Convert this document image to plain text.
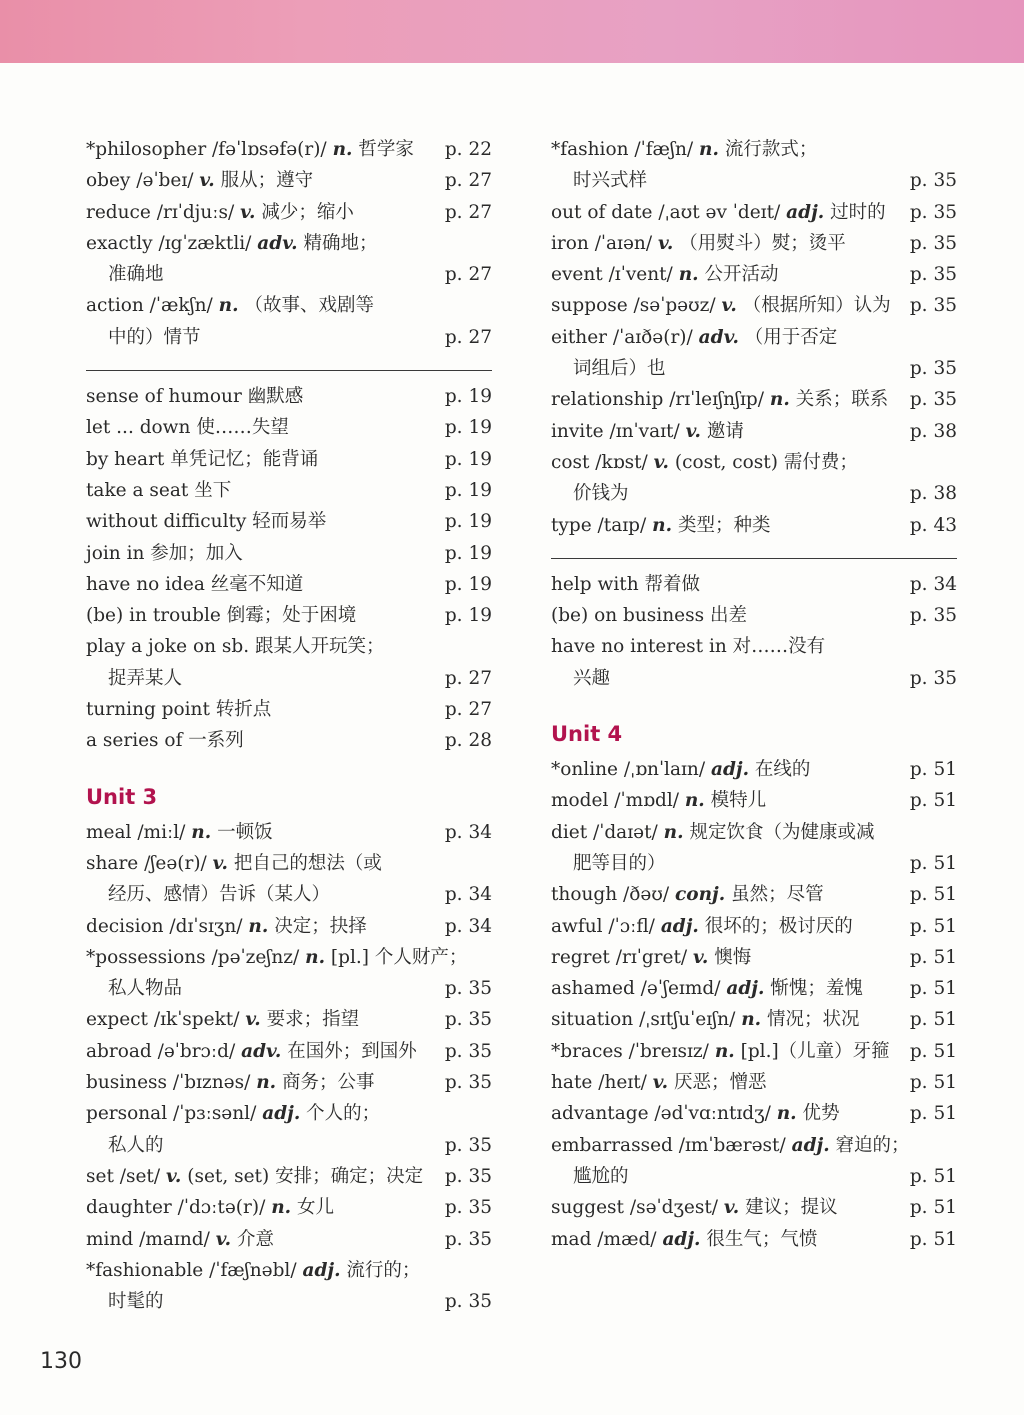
*philosopher /fəˈlɒsəfə(r)/ n. 哲学家	p. 22
obey /əˈbeɪ/ v. 服从；遵守	p. 27
reduce /rɪˈdjuːs/ v. 减少；缩小	p. 27
exactly /ɪgˈzæktli/ adv. 精确地；
准确地	p. 27
action /ˈækʃn/ n. （故事、戏剧等
中的）情节	p. 27
sense of humour 幽默感	p. 19
let ... down 使……失望	p. 19
by heart 单凭记忆；能背诵	p. 19
take a seat 坐下	p. 19
without difficulty 轻而易举	p. 19
join in 参加；加入	p. 19
have no idea 丝毫不知道	p. 19
(be) in trouble 倒霉；处于困境	p. 19
play a joke on sb. 跟某人开玩笑；
捉弄某人	p. 27
turning point 转折点	p. 27
a series of 一系列	p. 28
Unit 3
meal /miːl/ n. 一顿饭	p. 34
share /ʃeə(r)/ v. 把自己的想法（或
经历、感情）告诉（某人）	p. 34
decision /dɪˈsɪʒn/ n. 决定；抉择	p. 34
*possessions /pəˈzeʃnz/ n. [pl.] 个人财产；
私人物品	p. 35
expect /ɪkˈspekt/ v. 要求；指望	p. 35
abroad /əˈbrɔːd/ adv. 在国外；到国外	p. 35
business /ˈbɪznəs/ n. 商务；公事	p. 35
personal /ˈpɜːsənl/ adj. 个人的；
私人的	p. 35
set /set/ v. (set, set) 安排；确定；决定	p. 35
daughter /ˈdɔːtə(r)/ n. 女儿	p. 35
mind /maɪnd/ v. 介意	p. 35
*fashionable /ˈfæʃnəbl/ adj. 流行的；
时髦的	p. 35
*fashion /ˈfæʃn/ n. 流行款式；
时兴式样	p. 35
out of date /ˌaʊt əv ˈdeɪt/ adj. 过时的	p. 35
iron /ˈaɪən/ v. （用熨斗）熨；烫平	p. 35
event /ɪˈvent/ n. 公开活动	p. 35
suppose /səˈpəʊz/ v. （根据所知）认为	p. 35
either /ˈaɪðə(r)/ adv. （用于否定
词组后）也	p. 35
relationship /rɪˈleɪʃnʃɪp/ n. 关系；联系	p. 35
invite /ɪnˈvaɪt/ v. 邀请	p. 38
cost /kɒst/ v. (cost, cost) 需付费；
价钱为	p. 38
type /taɪp/ n. 类型；种类	p. 43
help with 帮着做	p. 34
(be) on business 出差	p. 35
have no interest in 对……没有
兴趣	p. 35
Unit 4
*online /ˌɒnˈlaɪn/ adj. 在线的	p. 51
model /ˈmɒdl/ n. 模特儿	p. 51
diet /ˈdaɪət/ n. 规定饮食（为健康或减
肥等目的）	p. 51
though /ðəʊ/ conj. 虽然；尽管	p. 51
awful /ˈɔːfl/ adj. 很坏的；极讨厌的	p. 51
regret /rɪˈgret/ v. 懊悔	p. 51
ashamed /əˈʃeɪmd/ adj. 惭愧；羞愧	p. 51
situation /ˌsɪtʃuˈeɪʃn/ n. 情况；状况	p. 51
*braces /ˈbreɪsɪz/ n. [pl.]（儿童）牙箍	p. 51
hate /heɪt/ v. 厌恶；憎恶	p. 51
advantage /ədˈvɑːntɪdʒ/ n. 优势	p. 51
embarrassed /ɪmˈbærəst/ adj. 窘迫的；
尴尬的	p. 51
suggest /səˈdʒest/ v. 建议；提议	p. 51
mad /mæd/ adj. 很生气；气愤	p. 51
130
